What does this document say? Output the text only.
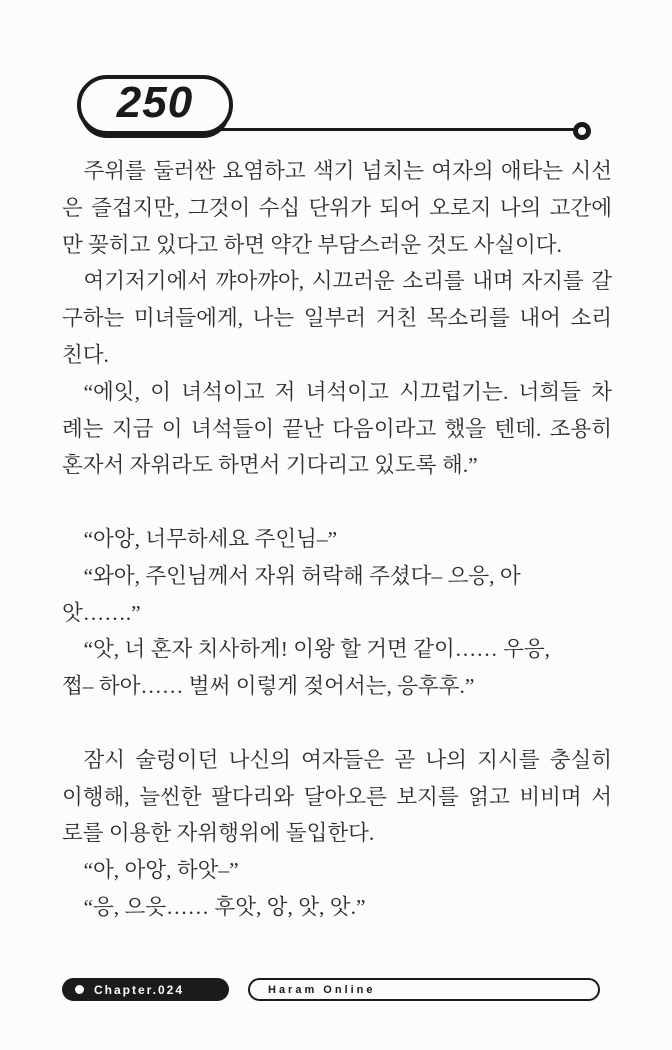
250
주위를 둘러싼 요염하고 색기 넘치는 여자의 애타는 시선
은 즐겁지만, 그것이 수십 단위가 되어 오로지 나의 고간에
만 꽂히고 있다고 하면 약간 부담스러운 것도 사실이다.
여기저기에서 꺄아꺄아, 시끄러운 소리를 내며 자지를 갈
구하는 미녀들에게, 나는 일부러 거친 목소리를 내어 소리
친다.
“에잇, 이 녀석이고 저 녀석이고 시끄럽기는. 너희들 차
례는 지금 이 녀석들이 끝난 다음이라고 했을 텐데. 조용히
혼자서 자위라도 하면서 기다리고 있도록 해.”
“아앙, 너무하세요 주인님–”
“와아, 주인님께서 자위 허락해 주셨다– 으응, 아
앗…….”
“앗, 너 혼자 치사하게! 이왕 할 거면 같이…… 우응,
쩝– 하아…… 벌써 이렇게 젖어서는, 응후후.”
잠시 술렁이던 나신의 여자들은 곧 나의 지시를 충실히
이행해, 늘씬한 팔다리와 달아오른 보지를 얽고 비비며 서
로를 이용한 자위행위에 돌입한다.
“아, 아앙, 하앗–”
“응, 으읏…… 후앗, 앙, 앗, 앗.”
Chapter.024	Haram Online
